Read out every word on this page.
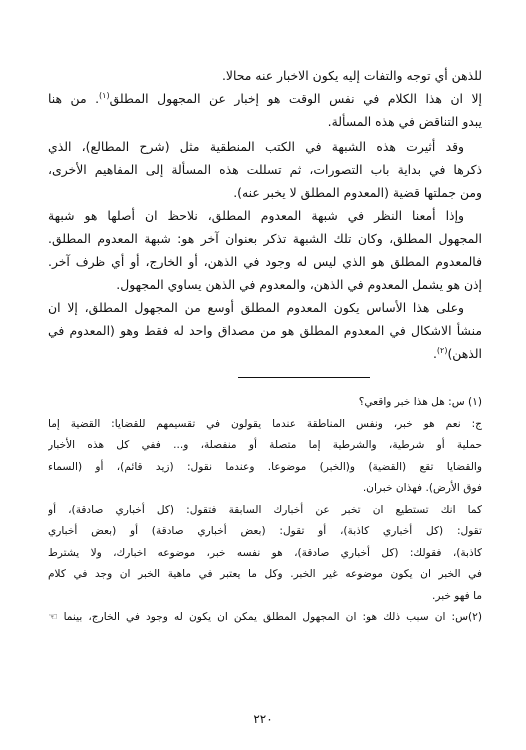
للذهن أي توجه والتفات إليه يكون الاخبار عنه محالا.
إلا ان هذا الكلام في نفس الوقت هو إخبار عن المجهول المطلق$^{(١)}$. من هنا
يبدو التناقض في هذه المسألة.
وقد أثيرت هذه الشبهة في الكتب المنطقية مثل (شرح المطالع)، الذي
ذكرها في بداية باب التصورات، ثم تسللت هذه المسألة إلى المفاهيم الأخرى،
ومن جملتها قضية (المعدوم المطلق لا يخبر عنه).
وإذا أمعنا النظر في شبهة المعدوم المطلق، نلاحظ ان أصلها هو شبهة
المجهول المطلق، وكان تلك الشبهة تذكر بعنوان آخر هو: شبهة المعدوم المطلق.
فالمعدوم المطلق هو الذي ليس له وجود في الذهن، أو الخارج، أو أي ظرف آخر.
إذن هو يشمل المعدوم في الذهن، والمعدوم في الذهن يساوي المجهول.
وعلى هذا الأساس يكون المعدوم المطلق أوسع من المجهول المطلق، إلا ان
منشأ الاشكال في المعدوم المطلق هو من مصداق واحد له فقط وهو (المعدوم في
الذهن)$^{(٢)}$.
(١) س: هل هذا خبر واقعي؟
ج: نعم هو خبر، ونفس المناطقة عندما يقولون في تقسيمهم للقضايا: القضية إما
حملية أو شرطية، والشرطية إما متصلة أو منفصلة، و... ففي كل هذه الأخبار
والقضايا تقع (القضية) و(الخبر) موضوعا. وعندما نقول: (زيد قائم)، أو (السماء
فوق الأرض). فهذان خبران.
كما انك تستطيع ان تخبر عن أخبارك السابقة فتقول: (كل أخباري صادقة)، أو
تقول: (كل أخباري كاذبة)، أو تقول: (بعض أخباري صادقة) أو (بعض أخباري
كاذبة)، فقولك: (كل أخباري صادقة)، هو نفسه خبر، موضوعه اخبارك، ولا يشترط
في الخبر ان يكون موضوعه غير الخبر. وكل ما يعتبر في ماهية الخبر ان وجد في كلام
ما فهو خبر.
(٢)س: ان سبب ذلك هو: ان المجهول المطلق يمكن ان يكون له وجود في الخارج، بينما ☜
٢٢٠
